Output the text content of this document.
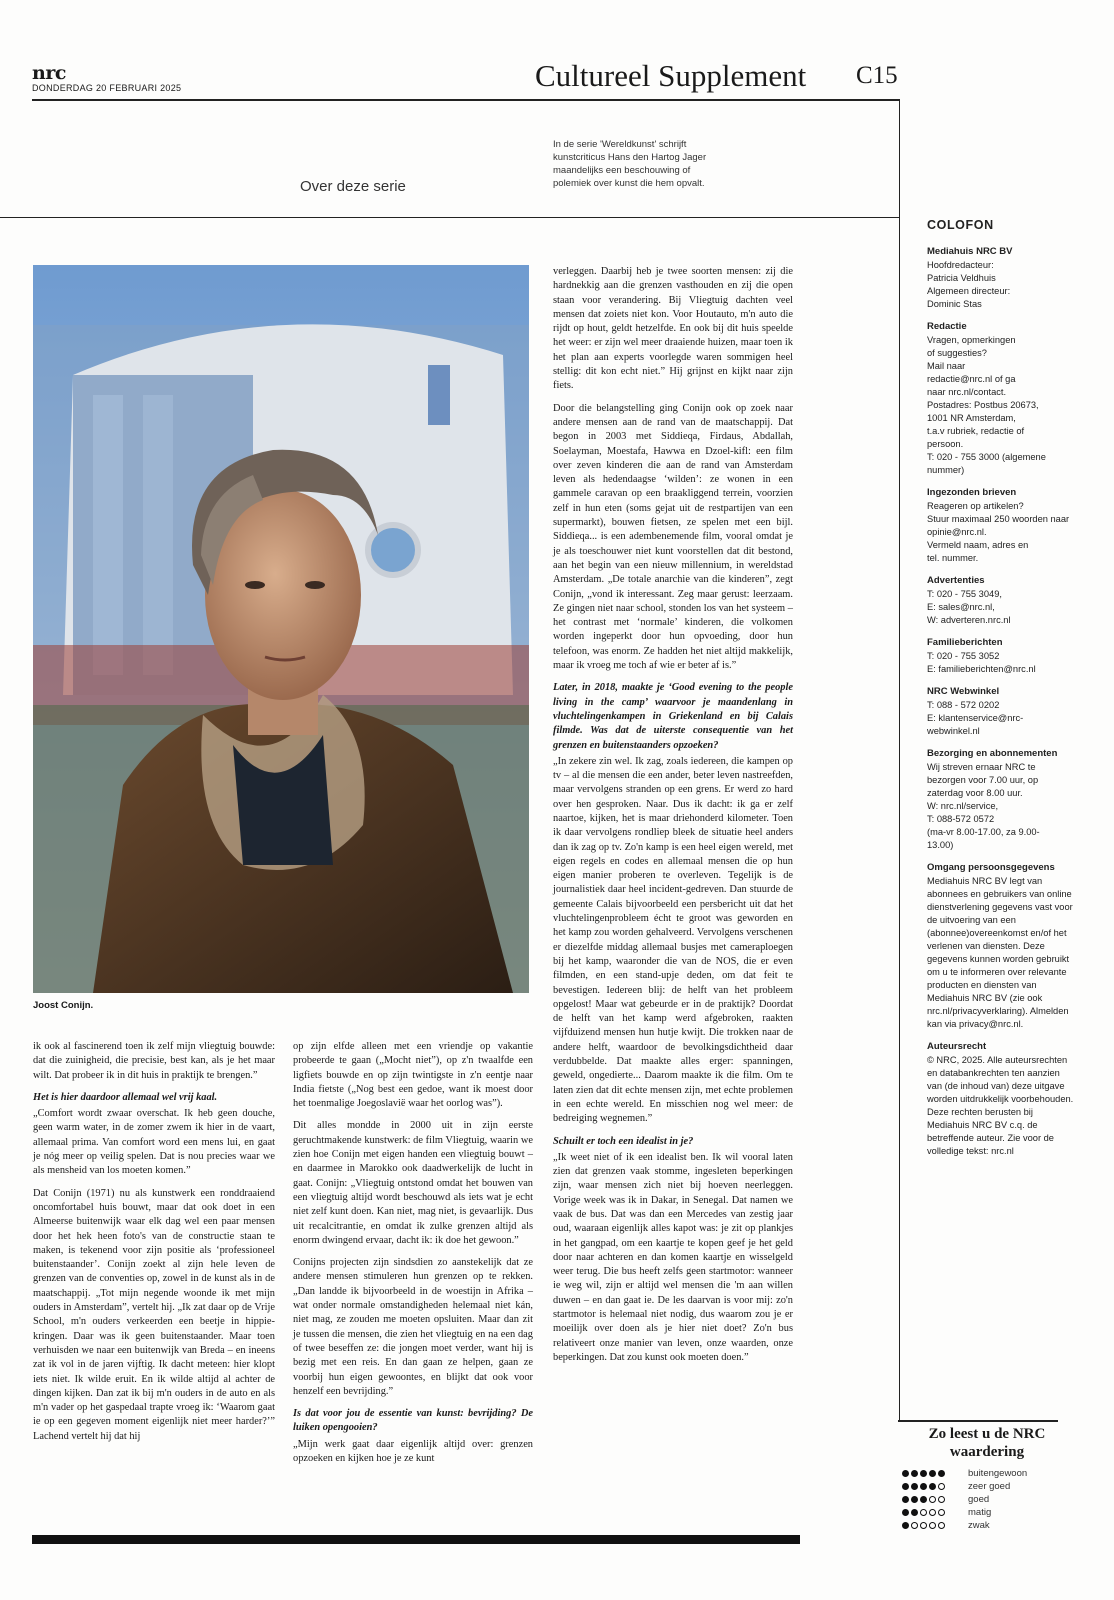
nrc
DONDERDAG 20 FEBRUARI 2025	Cultureel Supplement C15
Over deze serie
In de serie 'Wereldkunst' schrijft kunstcriticus Hans den Hartog Jager maandelijks een beschouwing of polemiek over kunst die hem opvalt.
Joost Conijn.

ik ook al fascinerend toen ik zelf mijn vliegtuig bouwde: dat die zuinigheid, die precisie, best kan, als je het maar wilt. Dat probeer ik in dit huis in praktijk te brengen.”

Het is hier daardoor allemaal wel vrij kaal.

„Comfort wordt zwaar overschat. Ik heb geen douche, geen warm water, in de zomer zwem ik hier in de vaart, allemaal prima. Van comfort word een mens lui, en gaat je nóg meer op veilig spelen. Dat is nou precies waar we als mensheid van los moeten komen.”

Dat Conijn (1971) nu als kunstwerk een ronddraaiend oncomfortabel huis bouwt, maar dat ook doet in een Almeerse buitenwijk waar elk dag wel een paar mensen door het hek heen foto's van de constructie staan te maken, is tekenend voor zijn positie als ‘professioneel buitenstaander’. Conijn zoekt al zijn hele leven de grenzen van de conventies op, zowel in de kunst als in de maatschappij. „Tot mijn negende woonde ik met mijn ouders in Amsterdam”, vertelt hij. „Ik zat daar op de Vrije School, m'n ouders verkeerden een beetje in hippie-kringen. Daar was ik geen buitenstaander. Maar toen verhuisden we naar een buitenwijk van Breda – en ineens zat ik vol in de jaren vijftig. Ik dacht meteen: hier klopt iets niet. Ik wilde eruit. En ik wilde altijd al achter de dingen kijken. Dan zat ik bij m'n ouders in de auto en als m'n vader op het gaspedaal trapte vroeg ik: ‘Waarom gaat ie op een gegeven moment eigenlijk niet meer harder?’” Lachend vertelt hij dat hij

op zijn elfde alleen met een vriendje op vakantie probeerde te gaan („Mocht niet”), op z'n twaalfde een ligfiets bouwde en op zijn twintigste in z'n eentje naar India fietste („Nog best een gedoe, want ik moest door het toenmalige Joegoslavië waar het oorlog was”).

Dit alles mondde in 2000 uit in zijn eerste geruchtmakende kunstwerk: de film Vliegtuig, waarin we zien hoe Conijn met eigen handen een vliegtuig bouwt – en daarmee in Marokko ook daadwerkelijk de lucht in gaat. Conijn: „Vliegtuig ontstond omdat het bouwen van een vliegtuig altijd wordt beschouwd als iets wat je echt niet zelf kunt doen. Kan niet, mag niet, is gevaarlijk. Dus uit recalcitrantie, en omdat ik zulke grenzen altijd als enorm dwingend ervaar, dacht ik: ik doe het gewoon.”

Conijns projecten zijn sindsdien zo aanstekelijk dat ze andere mensen stimuleren hun grenzen op te rekken. „Dan landde ik bijvoorbeeld in de woestijn in Afrika – wat onder normale omstandigheden helemaal niet kán, niet mag, ze zouden me moeten opsluiten. Maar dan zit je tussen die mensen, die zien het vliegtuig en na een dag of twee beseffen ze: die jongen moet verder, want hij is bezig met een reis. En dan gaan ze helpen, gaan ze voorbij hun eigen gewoontes, en blijkt dat ook voor henzelf een bevrijding.”

Is dat voor jou de essentie van kunst: bevrijding? De luiken opengooien?

„Mijn werk gaat daar eigenlijk altijd over: grenzen opzoeken en kijken hoe je ze kunt

verleggen. Daarbij heb je twee soorten mensen: zij die hardnekkig aan die grenzen vasthouden en zij die open staan voor verandering. Bij Vliegtuig dachten veel mensen dat zoiets niet kon. Voor Houtauto, m'n auto die rijdt op hout, geldt hetzelfde. En ook bij dit huis speelde het weer: er zijn wel meer draaiende huizen, maar toen ik het plan aan experts voorlegde waren sommigen heel stellig: dit kon echt niet.” Hij grijnst en kijkt naar zijn fiets.

Door die belangstelling ging Conijn ook op zoek naar andere mensen aan de rand van de maatschappij. Dat begon in 2003 met Siddieqa, Firdaus, Abdallah, Soelayman, Moestafa, Hawwa en Dzoel-kifl: een film over zeven kinderen die aan de rand van Amsterdam leven als hedendaagse ‘wilden’: ze wonen in een gammele caravan op een braakliggend terrein, voorzien zelf in hun eten (soms gejat uit de restpartijen van een supermarkt), bouwen fietsen, ze spelen met een bijl. Siddieqa... is een adembenemende film, vooral omdat je je als toeschouwer niet kunt voorstellen dat dit bestond, aan het begin van een nieuw millennium, in wereldstad Amsterdam. „De totale anarchie van die kinderen”, zegt Conijn, „vond ik interessant. Zeg maar gerust: leerzaam. Ze gingen niet naar school, stonden los van het systeem – het contrast met ‘normale’ kinderen, die volkomen worden ingeperkt door hun opvoeding, door hun telefoon, was enorm. Ze hadden het niet altijd makkelijk, maar ik vroeg me toch af wie er beter af is.”

Later, in 2018, maakte je ‘Good evening to the people living in the camp’ waarvoor je maandenlang in vluchtelingenkampen in Griekenland en bij Calais filmde. Was dat de uiterste consequentie van het grenzen en buitenstaanders opzoeken?

„In zekere zin wel. Ik zag, zoals iedereen, die kampen op tv – al die mensen die een ander, beter leven nastreefden, maar vervolgens stranden op een grens. Er werd zo hard over hen gesproken. Naar. Dus ik dacht: ik ga er zelf naartoe, kijken, het is maar driehonderd kilometer. Toen ik daar vervolgens rondliep bleek de situatie heel anders dan ik zag op tv. Zo'n kamp is een heel eigen wereld, met eigen regels en codes en allemaal mensen die op hun eigen manier proberen te overleven. Tegelijk is de journalistiek daar heel incident-gedreven. Dan stuurde de gemeente Calais bijvoorbeeld een persbericht uit dat het vluchtelingenprobleem écht te groot was geworden en het kamp zou worden gehalveerd. Vervolgens verschenen er diezelfde middag allemaal busjes met cameraploegen bij het kamp, waaronder die van de NOS, die er even filmden, en een stand-upje deden, om dat feit te bevestigen. Iedereen blij: de helft van het probleem opgelost! Maar wat gebeurde er in de praktijk? Doordat de helft van het kamp werd afgebroken, raakten vijfduizend mensen hun hutje kwijt. Die trokken naar de andere helft, waardoor de bevolkingsdichtheid daar verdubbelde. Dat maakte alles erger: spanningen, geweld, ongedierte... Daarom maakte ik die film. Om te laten zien dat dit echte mensen zijn, met echte problemen in een echte wereld. En misschien nog wel meer: de bedreiging wegnemen.”

Schuilt er toch een idealist in je?

„Ik weet niet of ik een idealist ben. Ik wil vooral laten zien dat grenzen vaak stomme, ingesleten beperkingen zijn, waar mensen zich niet bij hoeven neerleggen. Vorige week was ik in Dakar, in Senegal. Dat namen we vaak de bus. Dat was dan een Mercedes van zestig jaar oud, waaraan eigenlijk alles kapot was: je zit op plankjes in het gangpad, om een kaartje te kopen geef je het geld door naar achteren en dan komen kaartje en wisselgeld weer terug. Die bus heeft zelfs geen startmotor: wanneer ie weg wil, zijn er altijd wel mensen die 'm aan willen duwen – en dan gaat ie. De les daarvan is voor mij: zo'n startmotor is helemaal niet nodig, dus waarom zou je er moeilijk over doen als je hier niet doet? Zo'n bus relativeert onze manier van leven, onze waarden, onze beperkingen. Dat zou kunst ook moeten doen.”

COLOFON
Mediahuis NRC BV
Hoofdredacteur:
Patricia Veldhuis
Algemeen directeur:
Dominic Stas
Redactie
Vragen, opmerkingen
of suggesties?
Mail naar
redactie@nrc.nl of ga
naar nrc.nl/contact.
Postadres: Postbus 20673,
1001 NR Amsterdam,
t.a.v rubriek, redactie of
persoon.
T: 020 - 755 3000 (algemene nummer)
Ingezonden brieven
Reageren op artikelen?
Stuur maximaal 250 woorden naar opinie@nrc.nl.
Vermeld naam, adres en
tel. nummer.
Advertenties
T: 020 - 755 3049,
E: sales@nrc.nl,
W: adverteren.nrc.nl
Familieberichten
T: 020 - 755 3052
E: familieberichten@nrc.nl
NRC Webwinkel
T: 088 - 572 0202
E: klantenservice@nrc-
webwinkel.nl
Bezorging en abonnementen
Wij streven ernaar NRC te
bezorgen voor 7.00 uur, op
zaterdag voor 8.00 uur.
W: nrc.nl/service,
T: 088-572 0572
(ma-vr 8.00-17.00, za 9.00-
13.00)
Omgang persoonsgegevens
Mediahuis NRC BV legt van abonnees en gebruikers van online dienstverlening gegevens vast voor de uitvoering van een (abonnee)overeenkomst en/of het verlenen van diensten. Deze gegevens kunnen worden gebruikt om u te informeren over relevante producten en diensten van Mediahuis NRC BV (zie ook nrc.nl/privacyverklaring). Almelden kan via privacy@nrc.nl.
Auteursrecht
© NRC, 2025. Alle auteursrechten en databankrechten ten aanzien van (de inhoud van) deze uitgave worden uitdrukkelijk voorbehouden. Deze rechten berusten bij Mediahuis NRC BV c.q. de betreffende auteur. Zie voor de volledige tekst: nrc.nl
Zo leest u de NRC waardering
buitengewoon
zeer goed
goed
matig
zwak
